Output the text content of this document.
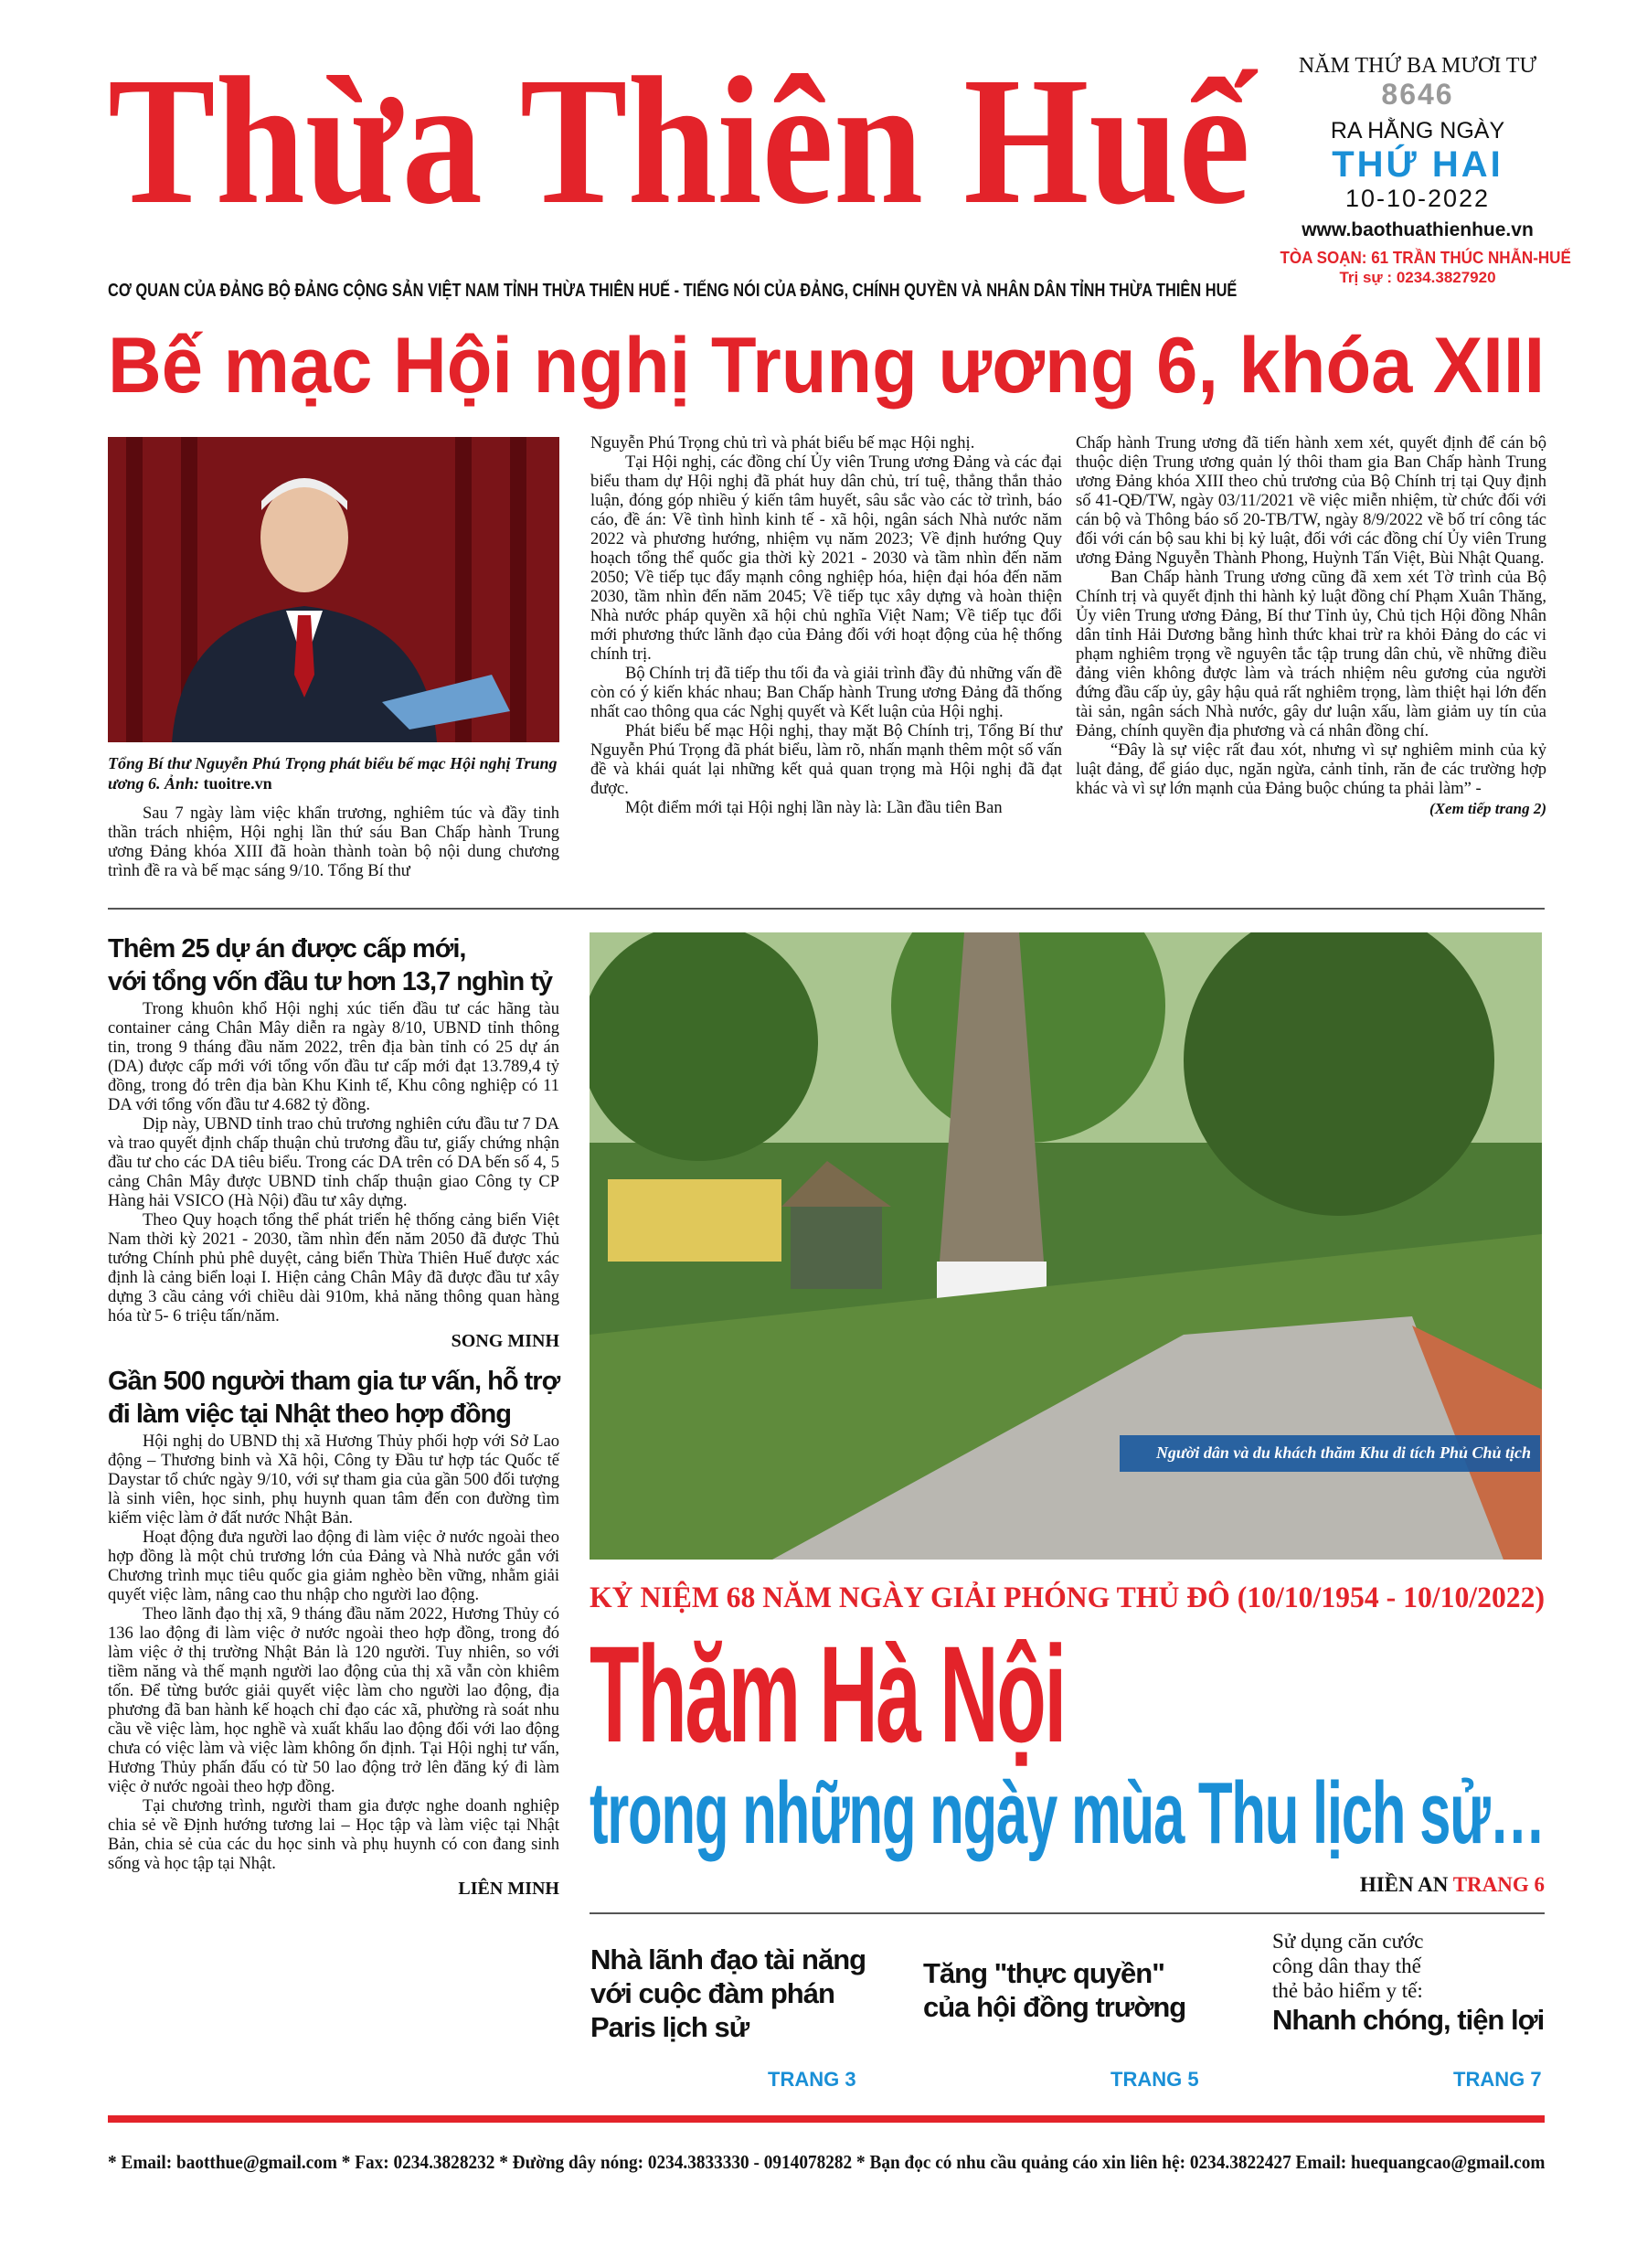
Thừa Thiên Huế
CƠ QUAN CỦA ĐẢNG BỘ ĐẢNG CỘNG SẢN VIỆT NAM TỈNH THỪA THIÊN HUẾ - TIẾNG NÓI CỦA ĐẢNG, CHÍNH QUYỀN VÀ NHÂN DÂN TỈNH THỪA THIÊN HUẾ
NĂM THỨ BA MƯƠI TƯ
8646
RA HẰNG NGÀY
THỨ HAI
10-10-2022
www.baothuathienhue.vn
TÒA SOẠN: 61 TRẦN THÚC NHẪN-HUẾ
Trị sự : 0234.3827920
Bế mạc Hội nghị Trung ương 6, khóa XIII
Tổng Bí thư Nguyễn Phú Trọng phát biểu bế mạc Hội nghị Trung ương 6. Ảnh: tuoitre.vn

Sau 7 ngày làm việc khẩn trương, nghiêm túc và đầy tinh thần trách nhiệm, Hội nghị lần thứ sáu Ban Chấp hành Trung ương Đảng khóa XIII đã hoàn thành toàn bộ nội dung chương trình đề ra và bế mạc sáng 9/10. Tổng Bí thư

Nguyễn Phú Trọng chủ trì và phát biểu bế mạc Hội nghị.

Tại Hội nghị, các đồng chí Ủy viên Trung ương Đảng và các đại biểu tham dự Hội nghị đã phát huy dân chủ, trí tuệ, thẳng thắn thảo luận, đóng góp nhiều ý kiến tâm huyết, sâu sắc vào các tờ trình, báo cáo, đề án: Về tình hình kinh tế - xã hội, ngân sách Nhà nước năm 2022 và phương hướng, nhiệm vụ năm 2023; Về định hướng Quy hoạch tổng thể quốc gia thời kỳ 2021 - 2030 và tầm nhìn đến năm 2050; Về tiếp tục đẩy mạnh công nghiệp hóa, hiện đại hóa đến năm 2030, tầm nhìn đến năm 2045; Về tiếp tục xây dựng và hoàn thiện Nhà nước pháp quyền xã hội chủ nghĩa Việt Nam; Về tiếp tục đổi mới phương thức lãnh đạo của Đảng đối với hoạt động của hệ thống chính trị.

Bộ Chính trị đã tiếp thu tối đa và giải trình đầy đủ những vấn đề còn có ý kiến khác nhau; Ban Chấp hành Trung ương Đảng đã thống nhất cao thông qua các Nghị quyết và Kết luận của Hội nghị.

Phát biểu bế mạc Hội nghị, thay mặt Bộ Chính trị, Tổng Bí thư Nguyễn Phú Trọng đã phát biểu, làm rõ, nhấn mạnh thêm một số vấn đề và khái quát lại những kết quả quan trọng mà Hội nghị đã đạt được.

Một điểm mới tại Hội nghị lần này là: Lần đầu tiên Ban

Chấp hành Trung ương đã tiến hành xem xét, quyết định để cán bộ thuộc diện Trung ương quản lý thôi tham gia Ban Chấp hành Trung ương Đảng khóa XIII theo chủ trương của Bộ Chính trị tại Quy định số 41-QĐ/TW, ngày 03/11/2021 về việc miễn nhiệm, từ chức đối với cán bộ và Thông báo số 20-TB/TW, ngày 8/9/2022 về bố trí công tác đối với cán bộ sau khi bị kỷ luật, đối với các đồng chí Ủy viên Trung ương Đảng Nguyễn Thành Phong, Huỳnh Tấn Việt, Bùi Nhật Quang.

Ban Chấp hành Trung ương cũng đã xem xét Tờ trình của Bộ Chính trị và quyết định thi hành kỷ luật đồng chí Phạm Xuân Thăng, Ủy viên Trung ương Đảng, Bí thư Tỉnh ủy, Chủ tịch Hội đồng Nhân dân tỉnh Hải Dương bằng hình thức khai trừ ra khỏi Đảng do các vi phạm nghiêm trọng về nguyên tắc tập trung dân chủ, về những điều đảng viên không được làm và trách nhiệm nêu gương của người đứng đầu cấp ủy, gây hậu quả rất nghiêm trọng, làm thiệt hại lớn đến tài sản, ngân sách Nhà nước, gây dư luận xấu, làm giảm uy tín của Đảng, chính quyền địa phương và cá nhân đồng chí.

“Đây là sự việc rất đau xót, nhưng vì sự nghiêm minh của kỷ luật đảng, để giáo dục, ngăn ngừa, cảnh tỉnh, răn đe các trường hợp khác và vì sự lớn mạnh của Đảng buộc chúng ta phải làm” -

(Xem tiếp trang 2)
Thêm 25 dự án được cấp mới,
với tổng vốn đầu tư hơn 13,7 nghìn tỷ

Trong khuôn khổ Hội nghị xúc tiến đầu tư các hãng tàu container cảng Chân Mây diễn ra ngày 8/10, UBND tỉnh thông tin, trong 9 tháng đầu năm 2022, trên địa bàn tỉnh có 25 dự án (DA) được cấp mới với tổng vốn đầu tư cấp mới đạt 13.789,4 tỷ đồng, trong đó trên địa bàn Khu Kinh tế, Khu công nghiệp có 11 DA với tổng vốn đầu tư 4.682 tỷ đồng.

Dịp này, UBND tỉnh trao chủ trương nghiên cứu đầu tư 7 DA và trao quyết định chấp thuận chủ trương đầu tư, giấy chứng nhận đầu tư cho các DA tiêu biểu. Trong các DA trên có DA bến số 4, 5 cảng Chân Mây được UBND tỉnh chấp thuận giao Công ty CP Hàng hải VSICO (Hà Nội) đầu tư xây dựng.

Theo Quy hoạch tổng thể phát triển hệ thống cảng biển Việt Nam thời kỳ 2021 - 2030, tầm nhìn đến năm 2050 đã được Thủ tướng Chính phủ phê duyệt, cảng biển Thừa Thiên Huế được xác định là cảng biển loại I. Hiện cảng Chân Mây đã được đầu tư xây dựng 3 cầu cảng với chiều dài 910m, khả năng thông quan hàng hóa từ 5- 6 triệu tấn/năm.

SONG MINH
Gần 500 người tham gia tư vấn, hỗ trợ
đi làm việc tại Nhật theo hợp đồng

Hội nghị do UBND thị xã Hương Thủy phối hợp với Sở Lao động – Thương binh và Xã hội, Công ty Đầu tư hợp tác Quốc tế Daystar tổ chức ngày 9/10, với sự tham gia của gần 500 đối tượng là sinh viên, học sinh, phụ huynh quan tâm đến con đường tìm kiếm việc làm ở đất nước Nhật Bản.

Hoạt động đưa người lao động đi làm việc ở nước ngoài theo hợp đồng là một chủ trương lớn của Đảng và Nhà nước gắn với Chương trình mục tiêu quốc gia giảm nghèo bền vững, nhằm giải quyết việc làm, nâng cao thu nhập cho người lao động.

Theo lãnh đạo thị xã, 9 tháng đầu năm 2022, Hương Thủy có 136 lao động đi làm việc ở nước ngoài theo hợp đồng, trong đó làm việc ở thị trường Nhật Bản là 120 người. Tuy nhiên, so với tiềm năng và thế mạnh người lao động của thị xã vẫn còn khiêm tốn. Để từng bước giải quyết việc làm cho người lao động, địa phương đã ban hành kế hoạch chỉ đạo các xã, phường rà soát nhu cầu về việc làm, học nghề và xuất khẩu lao động đối với lao động chưa có việc làm và việc làm không ổn định. Tại Hội nghị tư vấn, Hương Thủy phấn đấu có từ 50 lao động trở lên đăng ký đi làm việc ở nước ngoài theo hợp đồng.

Tại chương trình, người tham gia được nghe doanh nghiệp chia sẻ về Định hướng tương lai – Học tập và làm việc tại Nhật Bản, chia sẻ của các du học sinh và phụ huynh có con đang sinh sống và học tập tại Nhật.

LIÊN MINH
Người dân và du khách thăm Khu di tích Phủ Chủ tịch
KỶ NIỆM 68 NĂM NGÀY GIẢI PHÓNG THỦ ĐÔ (10/10/1954 - 10/10/2022)
Thăm Hà Nội
trong những ngày mùa Thu lịch sử…
HIỀN AN TRANG 6
Nhà lãnh đạo tài năng
với cuộc đàm phán
Paris lịch sử
TRANG 3
Tăng "thực quyền"
của hội đồng trường
TRANG 5
Sử dụng căn cước
công dân thay thế
thẻ bảo hiểm y tế:
Nhanh chóng, tiện lợi
TRANG 7
* Email: baotthue@gmail.com * Fax: 0234.3828232 * Đường dây nóng: 0234.3833330 - 0914078282 * Bạn đọc có nhu cầu quảng cáo xin liên hệ: 0234.3822427 Email: huequangcao@gmail.com
